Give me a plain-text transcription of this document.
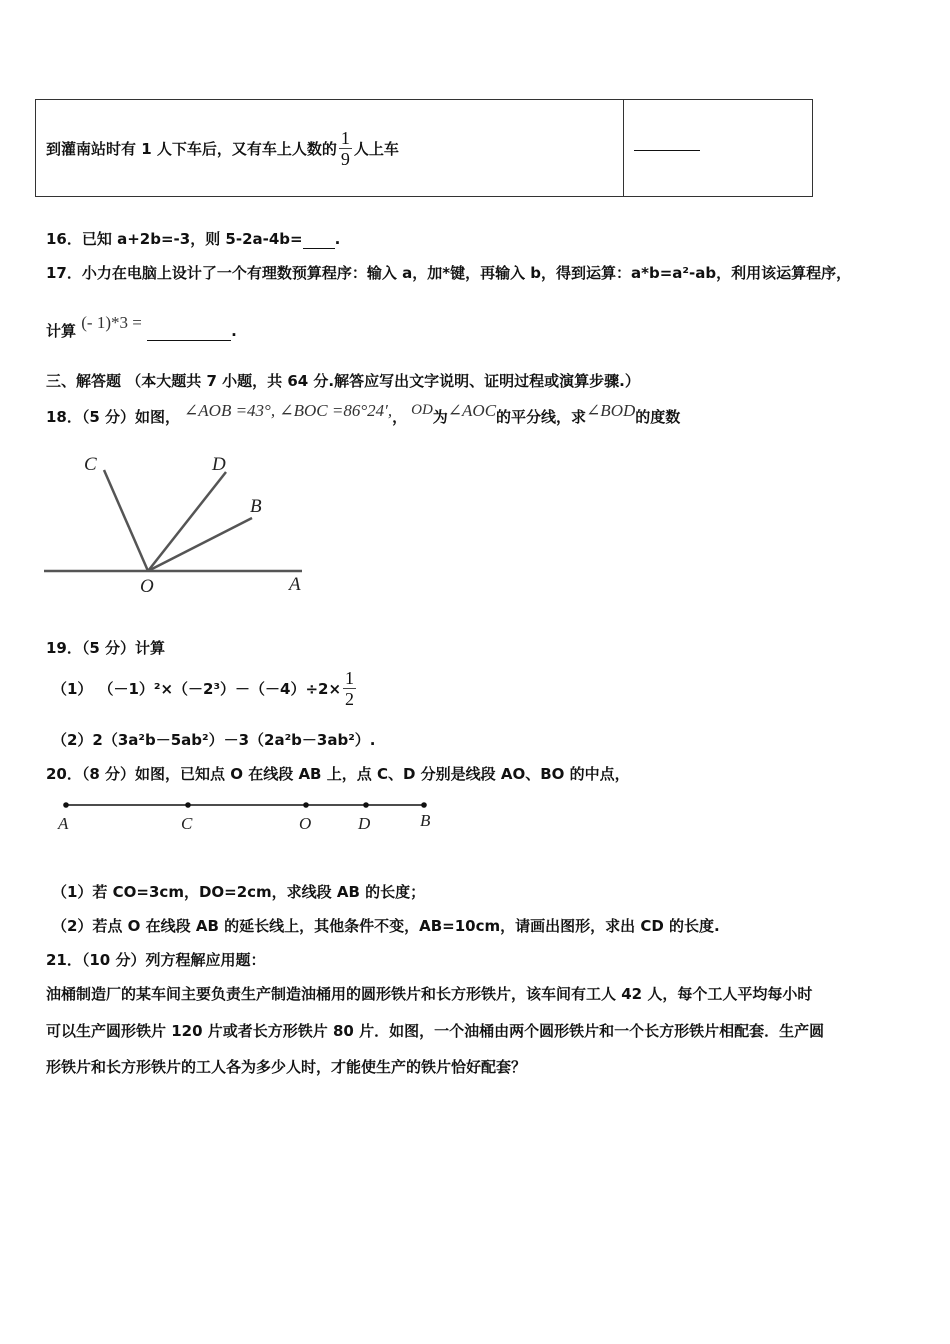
到灌南站时有 1 人下车后，又有车上人数的 $\frac{1}{9}$ 人上车

16．已知 a+2b=-3，则 5-2a-4b= .
17．小力在电脑上设计了一个有理数预算程序：输入 a，加*键，再输入 b，得到运算：a*b=a²-ab，利用该运算程序，
计算 (- 1)*3 =	.
三、解答题 （本大题共 7 小题，共 64 分.解答应写出文字说明、证明过程或演算步骤.）
18．（5 分）如图， ∠AOB =43°, ∠BOC =86°24′, ， OD 为 ∠AOC 的平分线，求 ∠BOD 的度数
C	D
B
O	A
19．（5 分）计算
（1） $(-1)^2\times(-2^3)-(-4)\div 2\times \frac{1}{2}$
（2）2（3a²b－5ab²）－3（2a²b－3ab²）.
20．（8 分）如图，已知点 O 在线段 AB 上，点 C、D 分别是线段 AO、BO 的中点，
A	C	O	D	B
（1）若 CO=3cm，DO=2cm，求线段 AB 的长度；
（2）若点 O 在线段 AB 的延长线上，其他条件不变，AB=10cm，请画出图形，求出 CD 的长度.
21．（10 分）列方程解应用题：
油桶制造厂的某车间主要负责生产制造油桶用的圆形铁片和长方形铁片，该车间有工人 42 人，每个工人平均每小时
可以生产圆形铁片 120 片或者长方形铁片 80 片．如图，一个油桶由两个圆形铁片和一个长方形铁片相配套．生产圆
形铁片和长方形铁片的工人各为多少人时，才能使生产的铁片恰好配套？
